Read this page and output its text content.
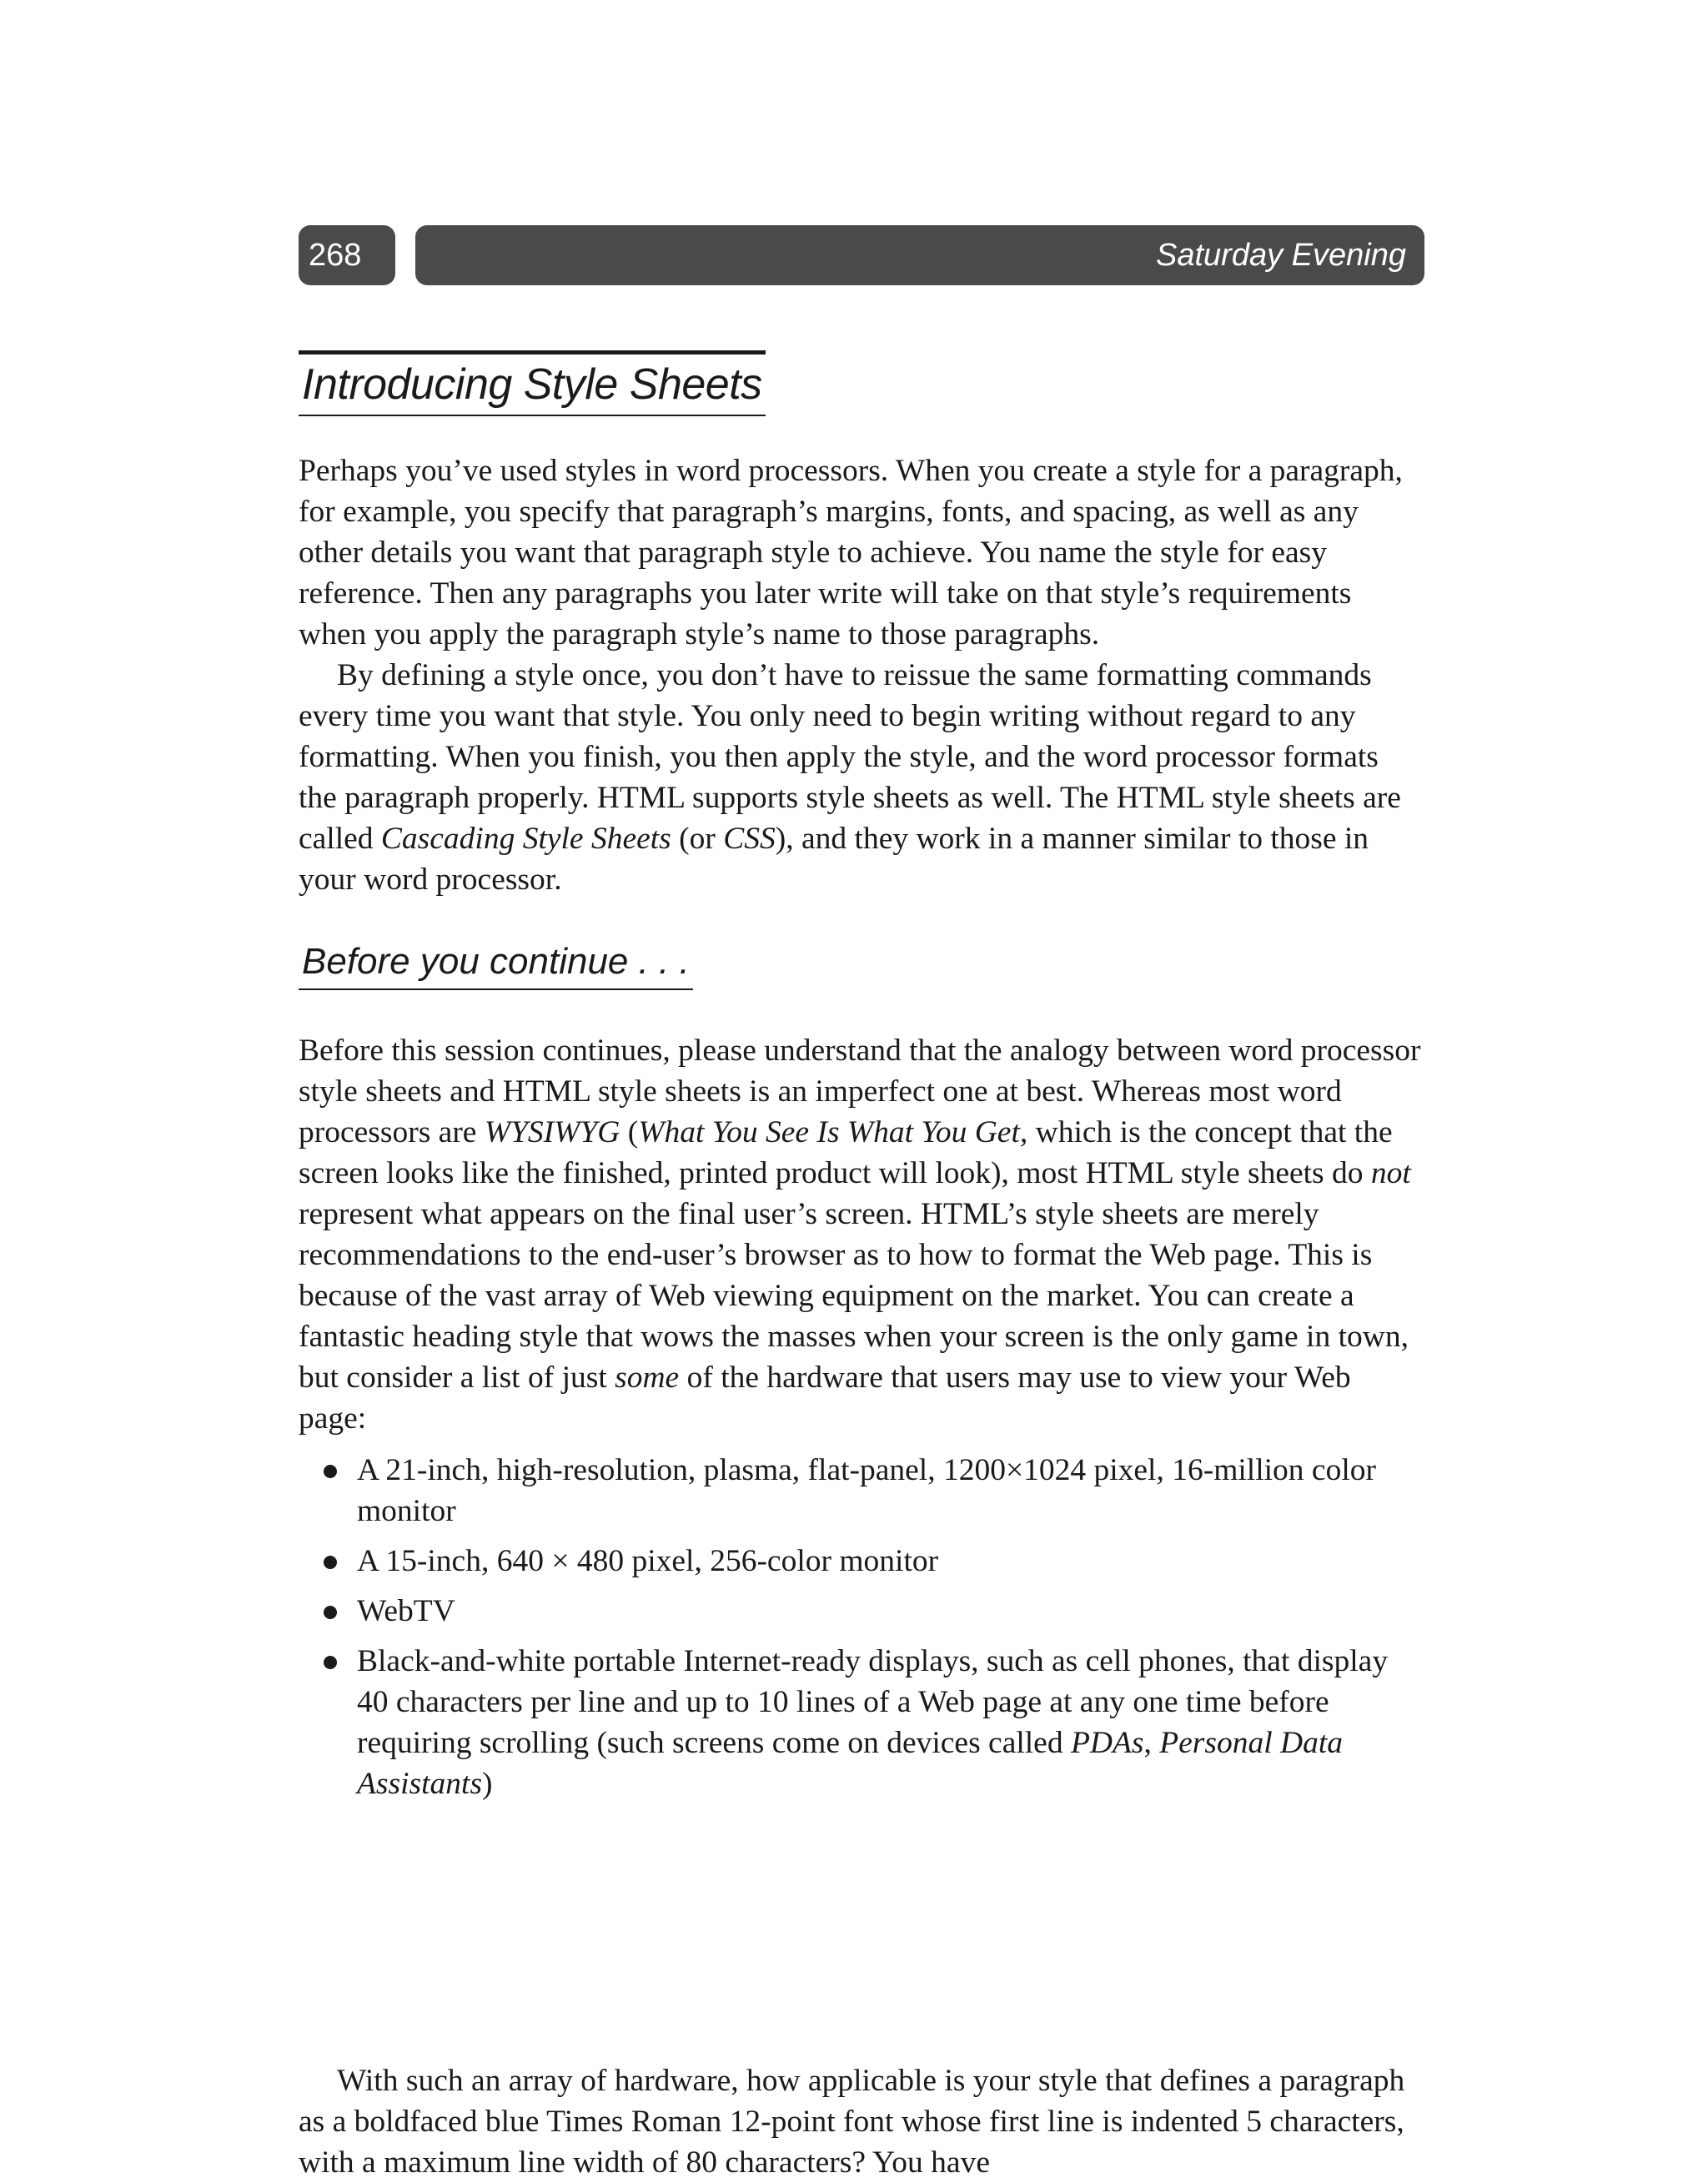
268	Saturday Evening
Introducing Style Sheets

Perhaps you’ve used styles in word processors. When you create a style for a paragraph, for example, you specify that paragraph’s margins, fonts, and spacing, as well as any other details you want that paragraph style to achieve. You name the style for easy reference. Then any paragraphs you later write will take on that style’s requirements when you apply the paragraph style’s name to those paragraphs.

By defining a style once, you don’t have to reissue the same formatting commands every time you want that style. You only need to begin writing without regard to any formatting. When you finish, you then apply the style, and the word processor formats the paragraph properly. HTML supports style sheets as well. The HTML style sheets are called Cascading Style Sheets (or CSS), and they work in a manner similar to those in your word processor.

Before you continue . . .

Before this session continues, please understand that the analogy between word processor style sheets and HTML style sheets is an imperfect one at best. Whereas most word processors are WYSIWYG (What You See Is What You Get, which is the concept that the screen looks like the finished, printed product will look), most HTML style sheets do not represent what appears on the final user’s screen. HTML’s style sheets are merely recommendations to the end-user’s browser as to how to format the Web page. This is because of the vast array of Web viewing equipment on the market. You can create a fantastic heading style that wows the masses when your screen is the only game in town, but consider a list of just some of the hardware that users may use to view your Web page:

A 21-inch, high-resolution, plasma, flat-panel, 1200×1024 pixel, 16-million color monitor
A 15-inch, 640 × 480 pixel, 256-color monitor
WebTV
Black-and-white portable Internet-ready displays, such as cell phones, that display 40 characters per line and up to 10 lines of a Web page at any one time before requiring scrolling (such screens come on devices called PDAs, Personal Data Assistants)

With such an array of hardware, how applicable is your style that defines a paragraph as a boldfaced blue Times Roman 12-point font whose first line is indented 5 characters, with a maximum line width of 80 characters? You have
